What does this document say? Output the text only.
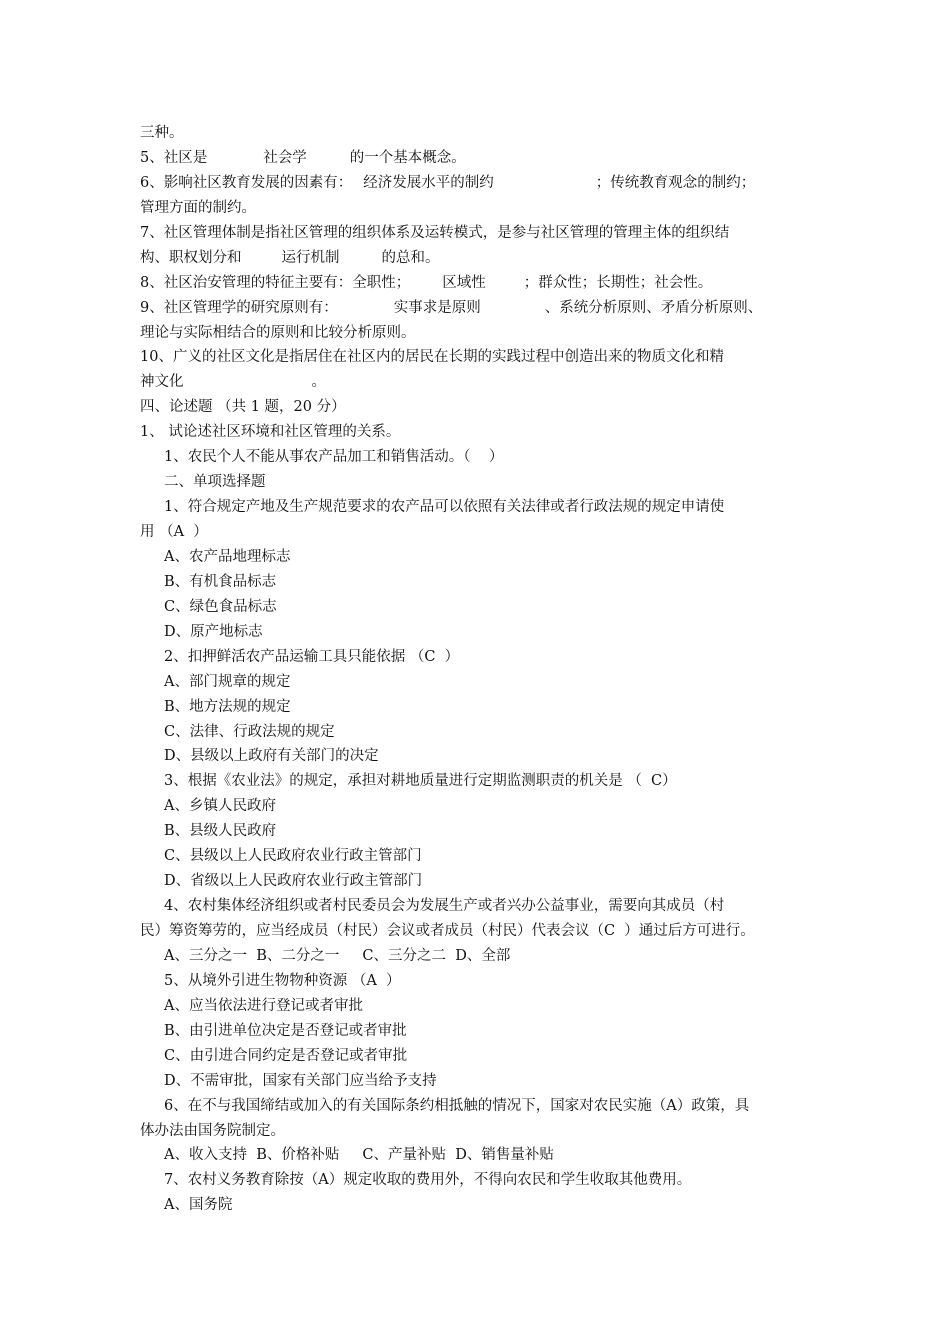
三种。
5、社区是	社会学	的一个基本概念。
6、影响社区教育发展的因素有： 经济发展水平的制约	；传统教育观念的制约；
管理方面的制约。
7、社区管理体制是指社区管理的组织体系及运转模式，是参与社区管理的管理主体的组织结
构、职权划分和	运行机制	的总和。
8、社区治安管理的特征主要有：全职性； 区域性	；群众性；长期性；社会性。
9、社区管理学的研究原则有：	实事求是原则	、系统分析原则、矛盾分析原则、
理论与实际相结合的原则和比较分析原则。
10、广义的社区文化是指居住在社区内的居民在长期的实践过程中创造出来的物质文化和精
神文化	。
四、论述题 （共 1 题，20 分）
1、 试论述社区环境和社区管理的关系。
1、农民个人不能从事农产品加工和销售活动。（    ）
二、单项选择题
1、符合规定产地及生产规范要求的农产品可以依照有关法律或者行政法规的规定申请使
用 （A  ）
A、农产品地理标志
B、有机食品标志
C、绿色食品标志
D、原产地标志
2、扣押鲜活农产品运输工具只能依据 （C  ）
A、部门规章的规定
B、地方法规的规定
C、法律、行政法规的规定
D、县级以上政府有关部门的决定
3、根据《农业法》的规定，承担对耕地质量进行定期监测职责的机关是 （  C）
A、乡镇人民政府
B、县级人民政府
C、县级以上人民政府农业行政主管部门
D、省级以上人民政府农业行政主管部门
4、农村集体经济组织或者村民委员会为发展生产或者兴办公益事业，需要向其成员（村
民）筹资筹劳的，应当经成员（村民）会议或者成员（村民）代表会议（C  ）通过后方可进行。
A、三分之一  B、二分之一     C、三分之二  D、全部
5、从境外引进生物物种资源 （A  ）
A、应当依法进行登记或者审批
B、由引进单位决定是否登记或者审批
C、由引进合同约定是否登记或者审批
D、不需审批，国家有关部门应当给予支持
6、在不与我国缔结或加入的有关国际条约相抵触的情况下，国家对农民实施（A）政策，具
体办法由国务院制定。
A、收入支持  B、价格补贴     C、产量补贴  D、销售量补贴
7、农村义务教育除按（A）规定收取的费用外，不得向农民和学生收取其他费用。
A、国务院
